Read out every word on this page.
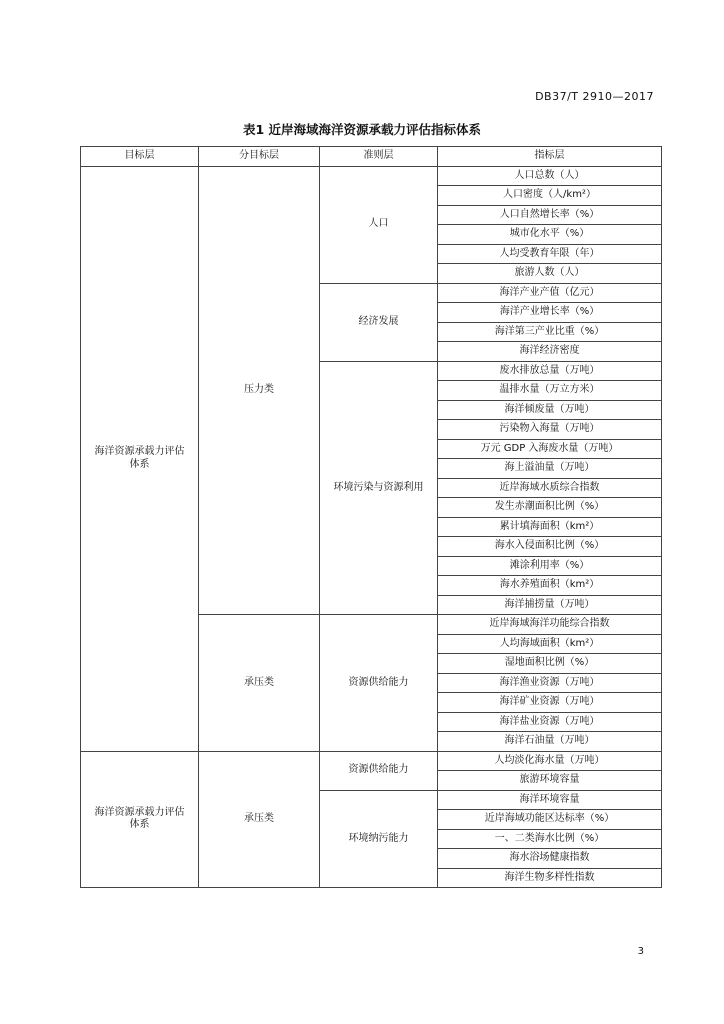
DB37/T 2910—2017
表1 近岸海域海洋资源承载力评估指标体系
目标层	分目标层	准则层	指标层
海洋资源承载力评估体系	压力类	人口	人口总数（人）
			人口密度（人/km²）
			人口自然增长率（%）
			城市化水平（%）
			人均受教育年限（年）
			旅游人数（人）
		经济发展	海洋产业产值（亿元）
			海洋产业增长率（%）
			海洋第三产业比重（%）
			海洋经济密度
		环境污染与资源利用	废水排放总量（万吨）
			温排水量（万立方米）
			海洋倾废量（万吨）
			污染物入海量（万吨）
			万元 GDP 入海废水量（万吨）
			海上溢油量（万吨）
			近岸海域水质综合指数
			发生赤潮面积比例（%）
			累计填海面积（km²）
			海水入侵面积比例（%）
			滩涂利用率（%）
			海水养殖面积（km²）
			海洋捕捞量（万吨）
	承压类	资源供给能力	近岸海域海洋功能综合指数
			人均海域面积（km²）
			湿地面积比例（%）
			海洋渔业资源（万吨）
			海洋矿业资源（万吨）
			海洋盐业资源（万吨）
			海洋石油量（万吨）
海洋资源承载力评估体系	承压类	资源供给能力	人均淡化海水量（万吨）
			旅游环境容量
		环境纳污能力	海洋环境容量
			近岸海域功能区达标率（%）
			一、二类海水比例（%）
			海水浴场健康指数
			海洋生物多样性指数
3
